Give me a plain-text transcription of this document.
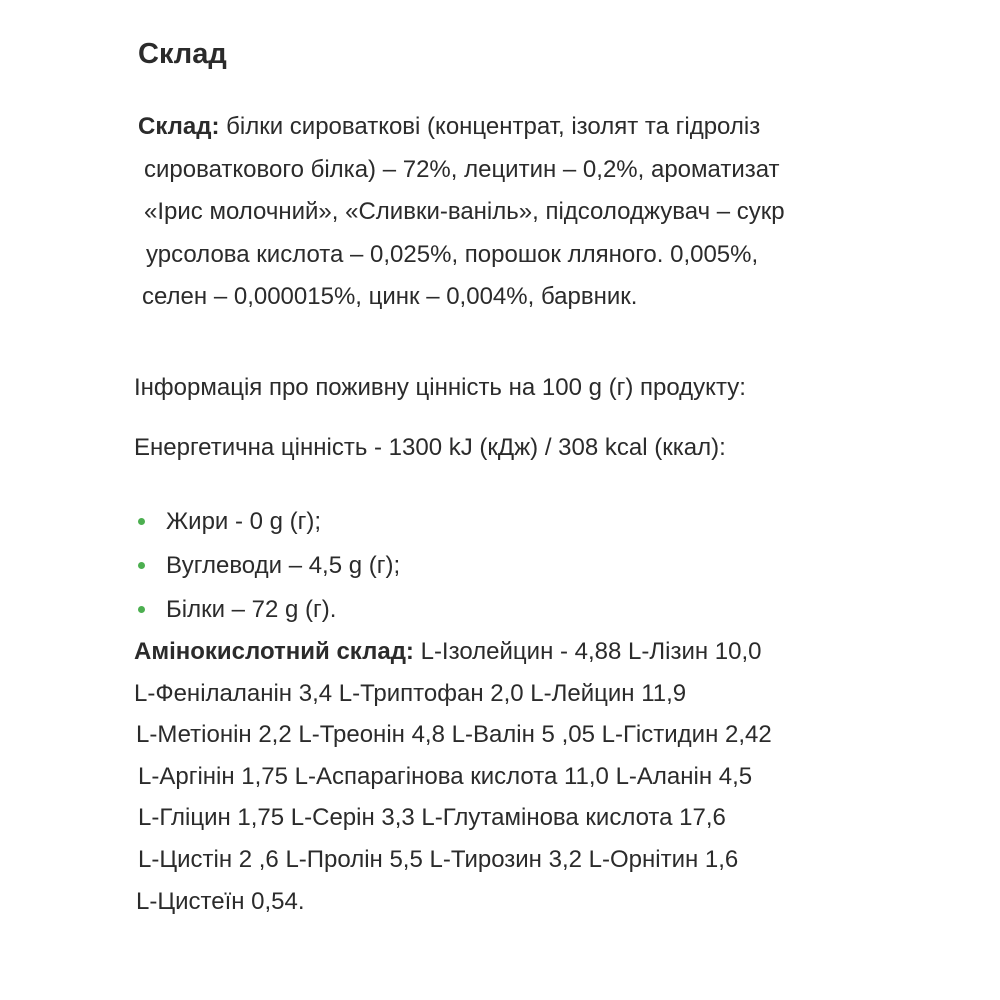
Склад
Склад: білки сироваткові (концентрат, ізолят та гідроліз
сироваткового білка) – 72%, лецитин – 0,2%, ароматизат
«Ірис молочний», «Сливки-ваніль», підсолоджувач – сукр
урсолова кислота – 0,025%, порошок лляного. 0,005%,
селен – 0,000015%, цинк – 0,004%, барвник.

Інформація про поживну цінність на 100 g (г) продукту:

Енергетична цінність - 1300 kJ (кДж) / 308 kcal (ккал):

Жири - 0 g (г);
Вуглеводи – 4,5 g (г);
Білки – 72 g (г).
Амінокислотний склад: L-Ізолейцин - 4,88 L-Лізин 10,0
L-Фенілаланін 3,4 L-Триптофан 2,0 L-Лейцин 11,9
L-Метіонін 2,2 L-Треонін 4,8 L-Валін 5 ,05 L-Гістидин 2,42
L-Аргінін 1,75 L-Аспарагінова кислота 11,0 L-Аланін 4,5
L-Гліцин 1,75 L-Серін 3,3 L-Глутамінова кислота 17,6
L-Цистін 2 ,6 L-Пролін 5,5 L-Тирозин 3,2 L-Орнітин 1,6
L-Цистеїн 0,54.
